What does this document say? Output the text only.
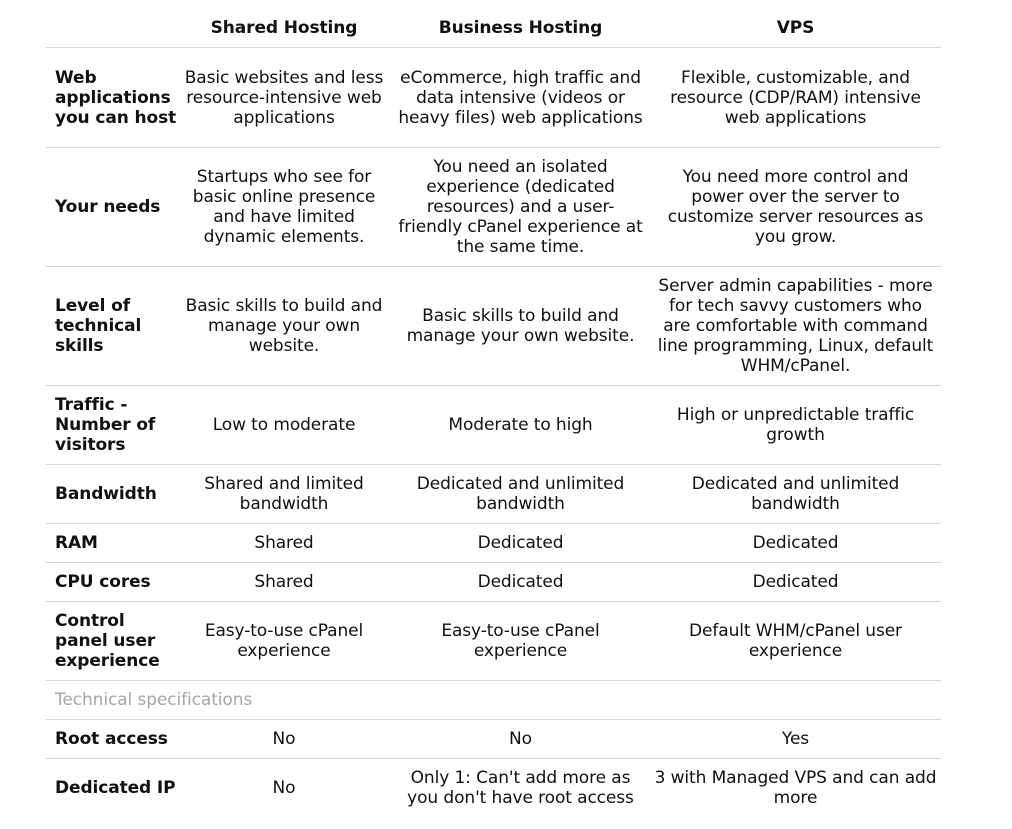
	Shared Hosting	Business Hosting	VPS
Web applications you can host	Basic websites and less resource-intensive web applications	eCommerce, high traffic and data intensive (videos or heavy files) web applications	Flexible, customizable, and resource (CDP/RAM) intensive web applications
Your needs	Startups who see for basic online presence and have limited dynamic elements.	You need an isolated experience (dedicated resources) and a user-friendly cPanel experience at the same time.	You need more control and power over the server to customize server resources as you grow.
Level of technical skills	Basic skills to build and manage your own website.	Basic skills to build and manage your own website.	Server admin capabilities - more for tech savvy customers who are comfortable with command line programming, Linux, default WHM/cPanel.
Traffic - Number of visitors	Low to moderate	Moderate to high	High or unpredictable traffic growth
Bandwidth	Shared and limited bandwidth	Dedicated and unlimited bandwidth	Dedicated and unlimited bandwidth
RAM	Shared	Dedicated	Dedicated
CPU cores	Shared	Dedicated	Dedicated
Control panel user experience	Easy-to-use cPanel experience	Easy-to-use cPanel experience	Default WHM/cPanel user experience
Technical specifications			
Root access	No	No	Yes
Dedicated IP	No	Only 1: Can't add more as you don't have root access	3 with Managed VPS and can add more
